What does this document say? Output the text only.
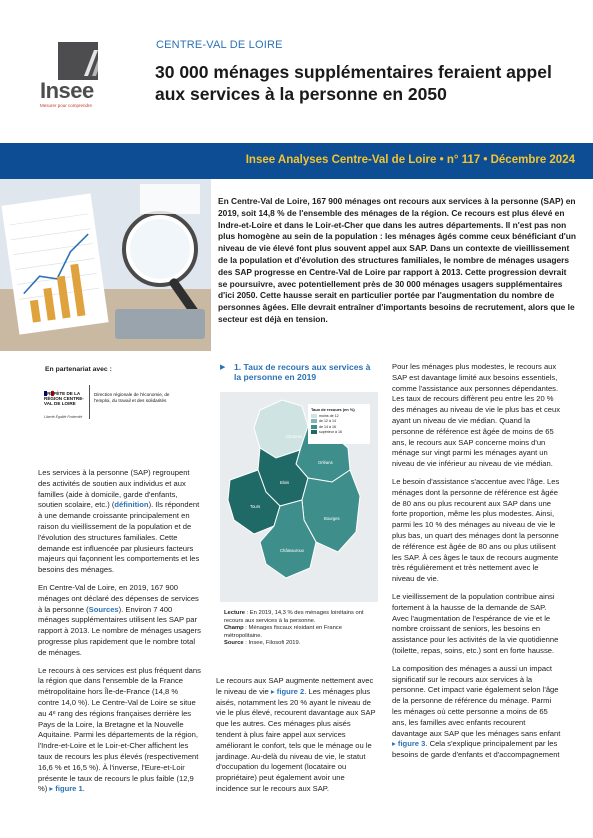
Insee
Mesurer pour comprendre
CENTRE-VAL DE LOIRE
30 000 ménages supplémentaires feraient appel aux services à la personne en 2050
Insee Analyses Centre-Val de Loire • n° 117 • Décembre 2024
En Centre-Val de Loire, 167 900 ménages ont recours aux services à la personne (SAP) en 2019, soit 14,8 % de l'ensemble des ménages de la région. Ce recours est plus élevé en Indre-et-Loire et dans le Loir-et-Cher que dans les autres départements. Il n'est pas non plus homogène au sein de la population : les ménages âgés comme ceux bénéficiant d'un niveau de vie élevé font plus souvent appel aux SAP. Dans un contexte de vieillissement de la population et d'évolution des structures familiales, le nombre de ménages usagers des SAP progresse en Centre-Val de Loire par rapport à 2013. Cette progression devrait se poursuivre, avec potentiellement près de 30 000 ménages usagers supplémentaires d'ici 2050. Cette hausse serait en particulier portée par l'augmentation du nombre de personnes âgées. Elle devrait entraîner d'importants besoins de recrutement, alors que le secteur est déjà en tension.
En partenariat avec :
PRÉFÈTE DE LA RÉGION CENTRE-VAL DE LOIRE
Liberté Égalité Fraternité
Direction régionale de l'économie, de l'emploi, du travail et des solidarités

Les services à la personne (SAP) regroupent des activités de soutien aux individus et aux familles (aide à domicile, garde d'enfants, soutien scolaire, etc.) (définition). Ils répondent à une demande croissante principalement en raison du vieillissement de la population et de l'évolution des structures familiales. Cette demande est influencée par plusieurs facteurs majeurs qui façonnent les comportements et les besoins des ménages.

En Centre-Val de Loire, en 2019, 167 900 ménages ont déclaré des dépenses de services à la personne (Sources). Environ 7 400 ménages supplémentaires utilisent les SAP par rapport à 2013. Le nombre de ménages usagers progresse plus rapidement que le nombre total de ménages.

Le recours à ces services est plus fréquent dans la région que dans l'ensemble de la France métropolitaine hors Île-de-France (14,8 % contre 14,0 %). Le Centre-Val de Loire se situe au 4ᵉ rang des régions françaises derrière les Pays de la Loire, la Bretagne et la Nouvelle Aquitaine. Parmi les départements de la région, l'Indre-et-Loire et le Loir-et-Cher affichent les taux de recours les plus élevés (respectivement 16,6 % et 16,5 %). À l'inverse, l'Eure-et-Loir présente le taux de recours le plus faible (12,9 %) ▸ figure 1.

▶ 1. Taux de recours aux services à la personne en 2019
Chartres
Orléans
Blois
Tours
Bourges
Châteauroux
Taux de recours (en %)
moins de 12
de 12 à 14
de 14 à 16
supérieur à 16
Lecture : En 2019, 14,3 % des ménages loirétains ont recours aux services à la personne.
Champ : Ménages fiscaux résidant en France métropolitaine.
Source : Insee, Filosofi 2019.

Le recours aux SAP augmente nettement avec le niveau de vie ▸ figure 2. Les ménages plus aisés, notamment les 20 % ayant le niveau de vie le plus élevé, recourent davantage aux SAP que les autres. Ces ménages plus aisés tendent à plus faire appel aux services améliorant le confort, tels que le ménage ou le jardinage. Au-delà du niveau de vie, le statut d'occupation du logement (locataire ou propriétaire) peut également avoir une incidence sur le recours aux SAP.

Pour les ménages plus modestes, le recours aux SAP est davantage limité aux besoins essentiels, comme l'assistance aux personnes dépendantes. Les taux de recours diffèrent peu entre les 20 % des ménages au niveau de vie le plus bas et ceux ayant un niveau de vie médian. Quand la personne de référence est âgée de moins de 65 ans, le recours aux SAP concerne moins d'un ménage sur vingt parmi les ménages ayant un niveau de vie inférieur au niveau de vie médian.

Le besoin d'assistance s'accentue avec l'âge. Les ménages dont la personne de référence est âgée de 80 ans ou plus recourent aux SAP dans une forte proportion, même les plus modestes. Ainsi, parmi les 10 % des ménages au niveau de vie le plus bas, un quart des ménages dont la personne de référence est âgée de 80 ans ou plus utilisent les SAP. À ces âges le taux de recours augmente très régulièrement et très nettement avec le niveau de vie.

Le vieillissement de la population contribue ainsi fortement à la hausse de la demande de SAP. Avec l'augmentation de l'espérance de vie et le nombre croissant de seniors, les besoins en assistance pour les activités de la vie quotidienne (toilette, repas, soins, etc.) sont en forte hausse.

La composition des ménages a aussi un impact significatif sur le recours aux services à la personne. Cet impact varie également selon l'âge de la personne de référence du ménage. Parmi les ménages où cette personne a moins de 65 ans, les familles avec enfants recourent davantage aux SAP que les ménages sans enfant ▸ figure 3. Cela s'explique principalement par les besoins de garde d'enfants et d'accompagnement
